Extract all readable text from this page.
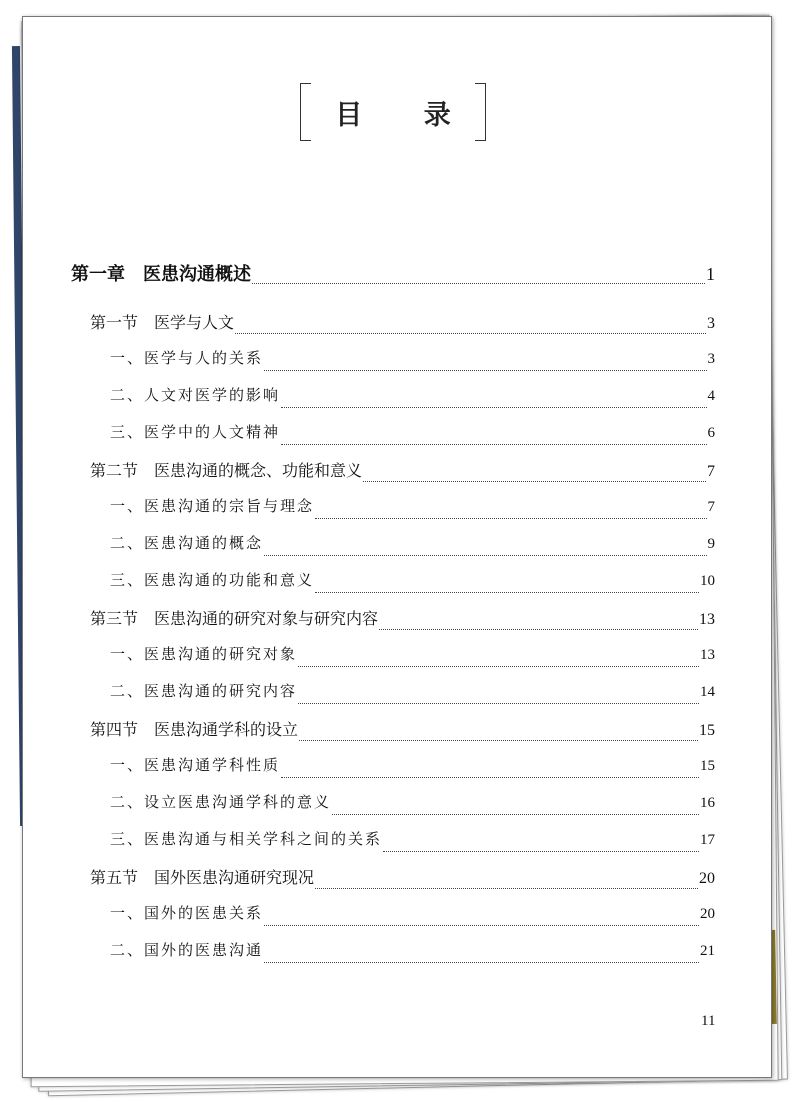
目 录
第一章　医患沟通概述	1
第一节　医学与人文	3
一、医学与人的关系	3
二、人文对医学的影响	4
三、医学中的人文精神	6
第二节　医患沟通的概念、功能和意义	7
一、医患沟通的宗旨与理念	7
二、医患沟通的概念	9
三、医患沟通的功能和意义	10
第三节　医患沟通的研究对象与研究内容	13
一、医患沟通的研究对象	13
二、医患沟通的研究内容	14
第四节　医患沟通学科的设立	15
一、医患沟通学科性质	15
二、设立医患沟通学科的意义	16
三、医患沟通与相关学科之间的关系	17
第五节　国外医患沟通研究现况	20
一、国外的医患关系	20
二、国外的医患沟通	21
11
